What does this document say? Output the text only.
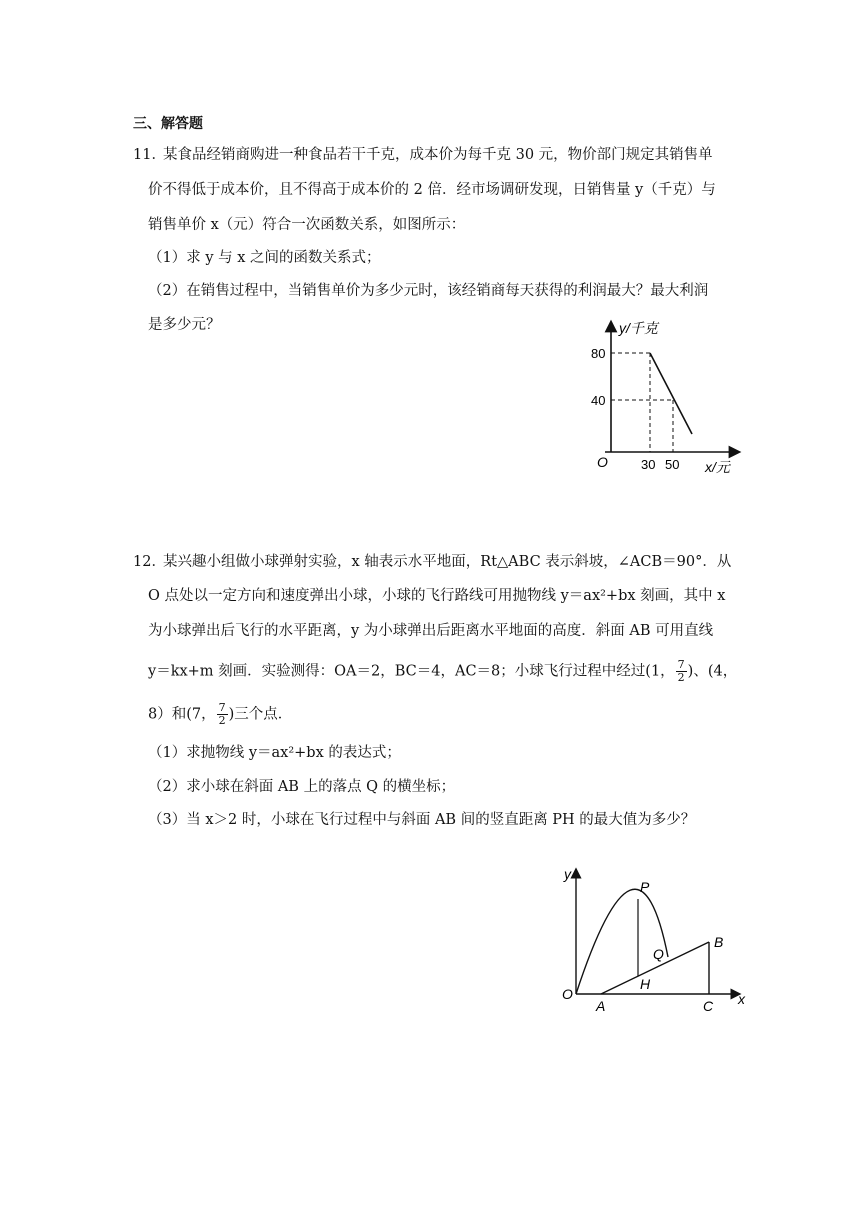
三、解答题
11．
某食品经销商购进一种食品若干千克，成本价为每千克 30 元，物价部门规定其销售单
价不得低于成本价，且不得高于成本价的 2 倍．经市场调研发现，日销售量 y（千克）与
销售单价 x（元）符合一次函数关系，如图所示：
（1）求 y 与 x 之间的函数关系式；
（2）在销售过程中，当销售单价为多少元时，该经销商每天获得的利润最大？最大利润
是多少元？	y/千克
x/元
O
80
40
30 50
12．
某兴趣小组做小球弹射实验，x 轴表示水平地面，Rt△ABC 表示斜坡，∠ACB＝90°．从
O 点处以一定方向和速度弹出小球，小球的飞行路线可用抛物线 y＝ax²+bx 刻画，其中 x
为小球弹出后飞行的水平距离，y 为小球弹出后距离水平地面的高度．斜面 AB 可用直线
y＝kx+m 刻画．实验测得：OA＝2，BC＝4，AC＝8；小球飞行过程中经过(1， $\frac{7}{2}$ )、(4，
8）和(7， $\frac{7}{2}$ )三个点．
（1）求抛物线 y＝ax²+bx 的表达式；
（2）求小球在斜面 AB 上的落点 Q 的横坐标；
（3）当 x＞2 时，小球在飞行过程中与斜面 AB 间的竖直距离 PH 的最大值为多少？
y
x
O
A
B
C
P
Q
H
